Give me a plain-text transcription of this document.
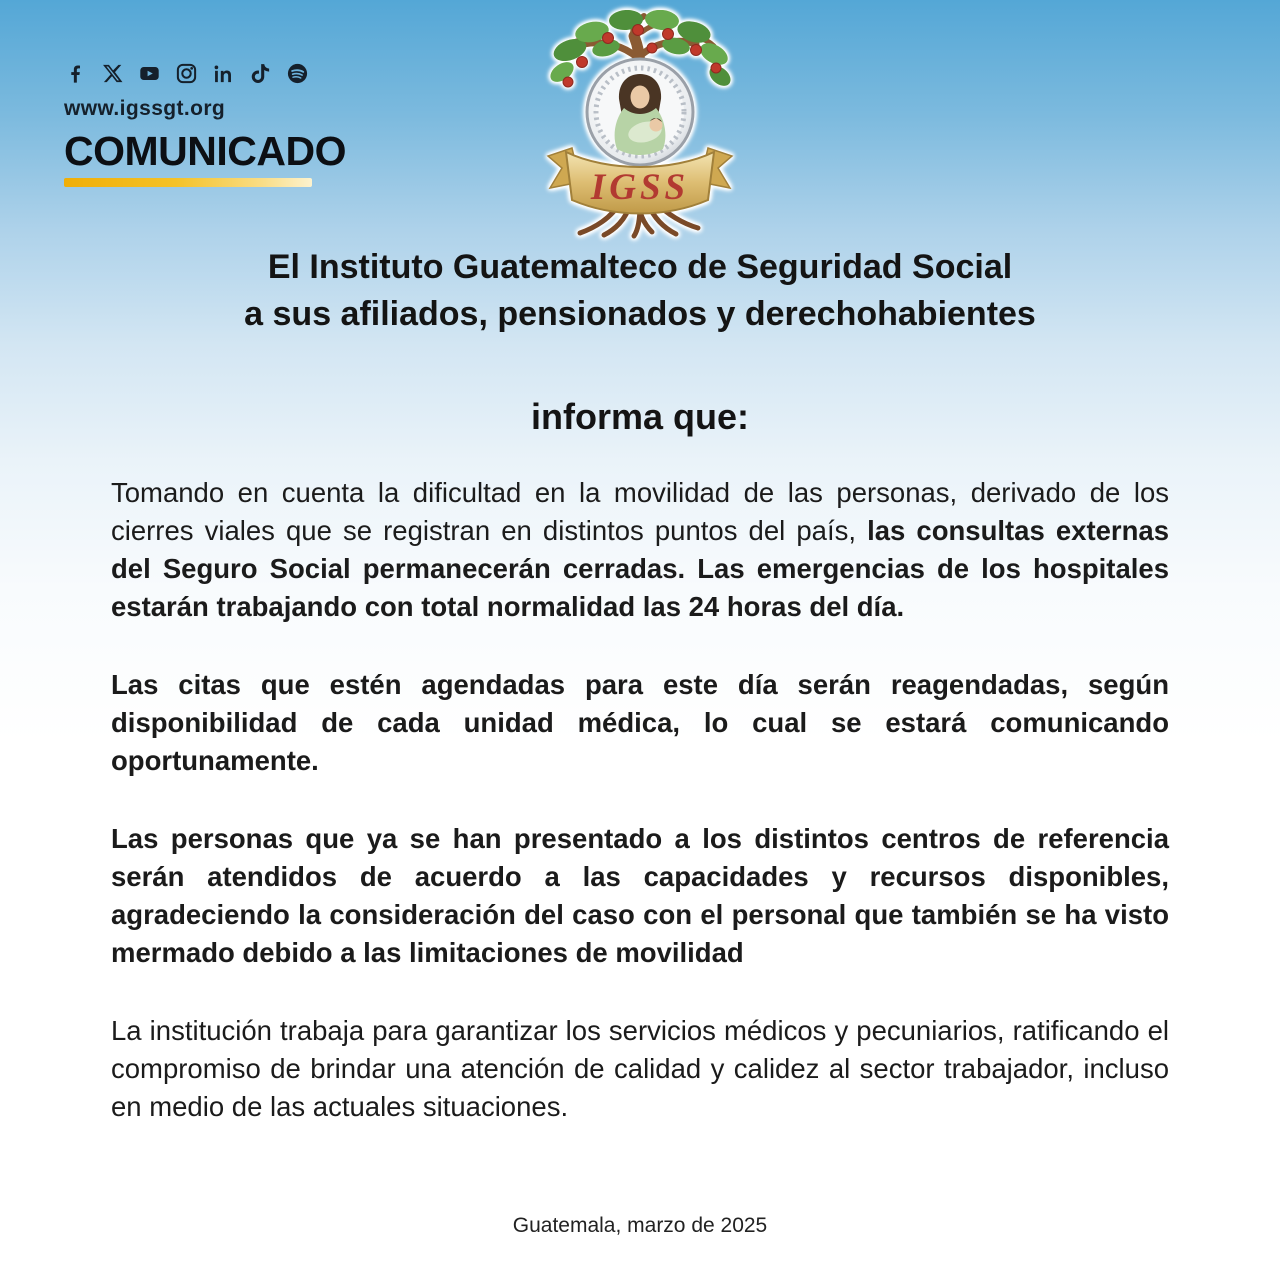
www.igssgt.org
COMUNICADO
IGSS
El Instituto Guatemalteco de Seguridad Social
a sus afiliados, pensionados y derechohabientes
informa que:

Tomando en cuenta la dificultad en la movilidad de las personas, derivado de los cierres viales que se registran en distintos puntos del país, las consultas externas del Seguro Social permanecerán cerradas. Las emergencias de los hospitales estarán trabajando con total normalidad las 24 horas del día.

Las citas que estén agendadas para este día serán reagendadas, según disponibilidad de cada unidad médica, lo cual se estará comunicando oportunamente.

Las personas que ya se han presentado a los distintos centros de referencia serán atendidos de acuerdo a las capacidades y recursos disponibles, agradeciendo la consideración del caso con el personal que también se ha visto mermado debido a las limitaciones de movilidad

La institución trabaja para garantizar los servicios médicos y pecuniarios, ratificando el compromiso de brindar una atención de calidad y calidez al sector trabajador, incluso en medio de las actuales situaciones.

Guatemala, marzo de 2025
